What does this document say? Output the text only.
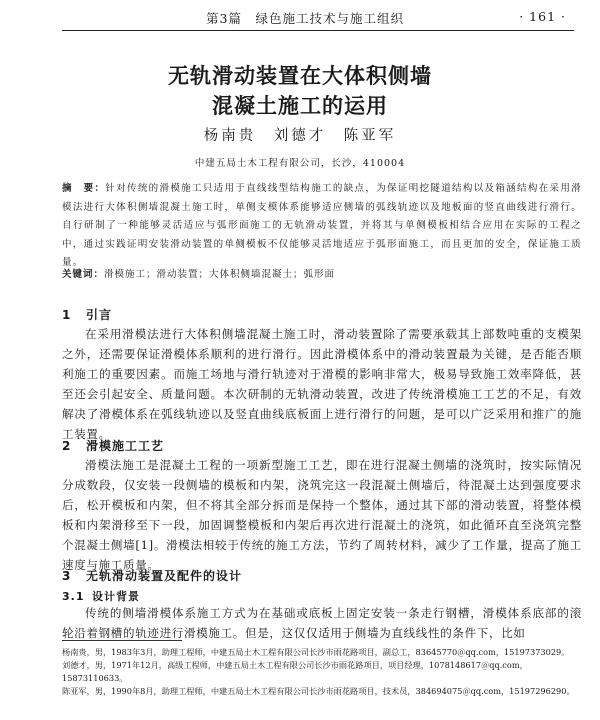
第3篇　绿色施工技术与施工组织	· 161 ·
无轨滑动装置在大体积侧墙
混凝土施工的运用
杨南贵　刘德才　陈亚军
中建五局土木工程有限公司，长沙，410004
摘　要：针对传统的滑模施工只适用于直线线型结构施工的缺点，为保证明挖隧道结构以及箱涵结构在采用滑模法进行大体积侧墙混凝土施工时，单侧支模体系能够适应侧墙的弧线轨迹以及地板面的竖直曲线进行滑行。自行研制了一种能够灵活适应与弧形面施工的无轨滑动装置，并将其与单侧模板相结合应用在实际的工程之中，通过实践证明安装滑动装置的单侧模板不仅能够灵活地适应于弧形面施工，而且更加的安全，保证施工质量。
关键词：滑模施工；滑动装置；大体积侧墙混凝土；弧形面
1 引言
在采用滑模法进行大体积侧墙混凝土施工时，滑动装置除了需要承载其上部数吨重的支模架之外，还需要保证滑模体系顺利的进行滑行。因此滑模体系中的滑动装置最为关键，是否能否顺利施工的重要因素。而施工场地与滑行轨迹对于滑模的影响非常大，极易导致施工效率降低，甚至还会引起安全、质量问题。本次研制的无轨滑动装置，改进了传统滑模施工工艺的不足，有效解决了滑模体系在弧线轨迹以及竖直曲线底板面上进行滑行的问题，是可以广泛采用和推广的施工装置。
2 滑模施工工艺
滑模法施工是混凝土工程的一项新型施工工艺，即在进行混凝土侧墙的浇筑时，按实际情况分成数段，仅安装一段侧墙的模板和内架，浇筑完这一段混凝土侧墙后，待混凝土达到强度要求后，松开模板和内架，但不将其全部分拆而是保持一个整体，通过其下部的滑动装置，将整体模板和内架滑移至下一段，加固调整模板和内架后再次进行混凝土的浇筑，如此循环直至浇筑完整个混凝土侧墙[1]。滑模法相较于传统的施工方法，节约了周转材料，减少了工作量，提高了施工速度与施工质量。
3 无轨滑动装置及配件的设计
3.1 设计背景
传统的侧墙滑模体系施工方式为在基础或底板上固定安装一条走行钢槽，滑模体系底部的滚轮沿着钢槽的轨迹进行滑模施工。但是，这仅仅适用于侧墙为直线线性的条件下，比如
杨南贵，男，1983年3月，助理工程师，中建五局土木工程有限公司长沙市雨花路项目，副总工，83645770＠qq.com，15197373029。
刘德才，男，1971年12月，高级工程师，中建五局土木工程有限公司长沙市雨花路项目，项目经理，1078148617＠qq.com，15873110633。
陈亚军，男，1990年8月，助理工程师，中建五局土木工程有限公司长沙市雨花路项目，技术员，384694075＠qq.com，15197296290。
